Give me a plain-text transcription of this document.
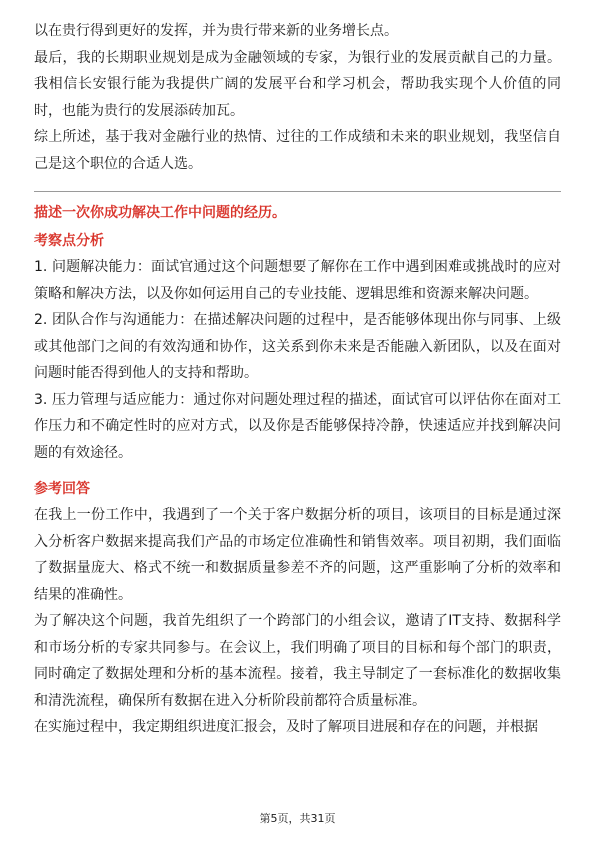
以在贵行得到更好的发挥，并为贵行带来新的业务增长点。

最后，我的长期职业规划是成为金融领域的专家，为银行业的发展贡献自己的力量。我相信长安银行能为我提供广阔的发展平台和学习机会，帮助我实现个人价值的同时，也能为贵行的发展添砖加瓦。

综上所述，基于我对金融行业的热情、过往的工作成绩和未来的职业规划，我坚信自己是这个职位的合适人选。

描述一次你成功解决工作中问题的经历。

考察点分析

1. 问题解决能力：面试官通过这个问题想要了解你在工作中遇到困难或挑战时的应对策略和解决方法，以及你如何运用自己的专业技能、逻辑思维和资源来解决问题。

2. 团队合作与沟通能力：在描述解决问题的过程中，是否能够体现出你与同事、上级或其他部门之间的有效沟通和协作，这关系到你未来是否能融入新团队，以及在面对问题时能否得到他人的支持和帮助。

3. 压力管理与适应能力：通过你对问题处理过程的描述，面试官可以评估你在面对工作压力和不确定性时的应对方式，以及你是否能够保持冷静，快速适应并找到解决问题的有效途径。

参考回答

在我上一份工作中，我遇到了一个关于客户数据分析的项目，该项目的目标是通过深入分析客户数据来提高我们产品的市场定位准确性和销售效率。项目初期，我们面临了数据量庞大、格式不统一和数据质量参差不齐的问题，这严重影响了分析的效率和结果的准确性。

为了解决这个问题，我首先组织了一个跨部门的小组会议，邀请了IT支持、数据科学和市场分析的专家共同参与。在会议上，我们明确了项目的目标和每个部门的职责，同时确定了数据处理和分析的基本流程。接着，我主导制定了一套标准化的数据收集和清洗流程，确保所有数据在进入分析阶段前都符合质量标准。

在实施过程中，我定期组织进度汇报会，及时了解项目进展和存在的问题，并根据

第5页，共31页
